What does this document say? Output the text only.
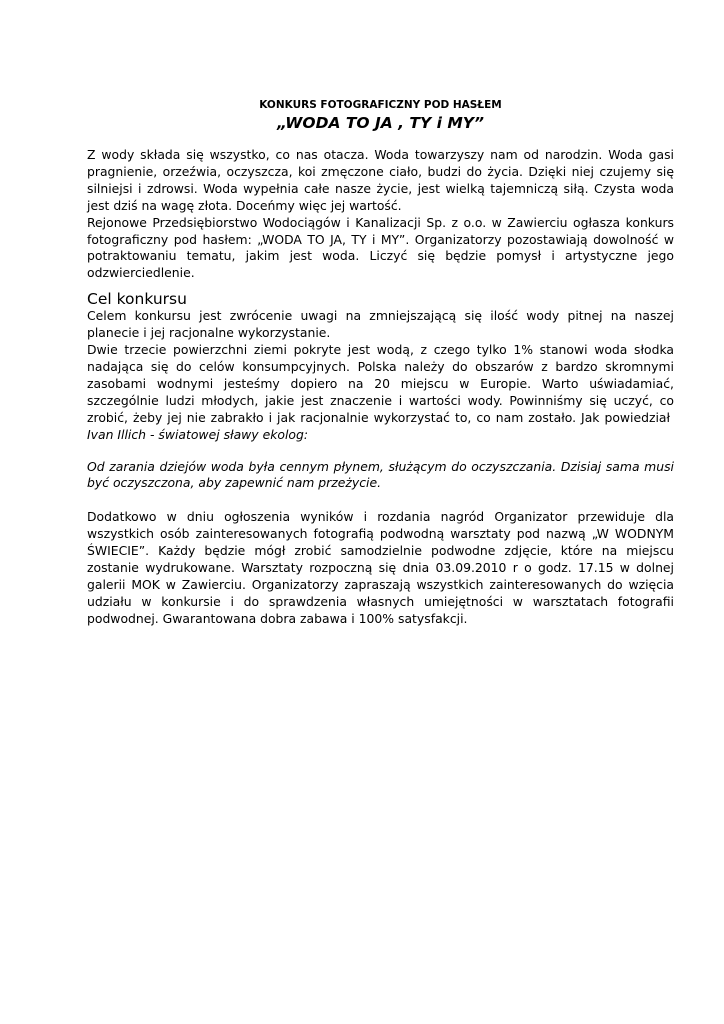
KONKURS FOTOGRAFICZNY POD HASŁEM

„WODA TO JA , TY i MY”

Z wody składa się wszystko, co nas otacza. Woda towarzyszy nam od narodzin. Woda gasi pragnienie, orzeźwia, oczyszcza, koi zmęczone ciało, budzi do życia. Dzięki niej czujemy się silniejsi i zdrowsi. Woda wypełnia całe nasze życie, jest wielką tajemniczą siłą. Czysta woda jest dziś na wagę złota. Doceńmy więc jej wartość.

Rejonowe Przedsiębiorstwo Wodociągów i Kanalizacji Sp. z o.o. w Zawierciu ogłasza konkurs fotograficzny pod hasłem: „WODA TO JA, TY i MY”. Organizatorzy pozostawiają dowolność w potraktowaniu tematu, jakim jest woda. Liczyć się będzie pomysł i artystyczne jego odzwierciedlenie.

Cel konkursu

Celem konkursu jest zwrócenie uwagi na zmniejszającą się ilość wody pitnej na naszej planecie i jej racjonalne wykorzystanie.

Dwie trzecie powierzchni ziemi pokryte jest wodą, z czego tylko 1% stanowi woda słodka nadająca się do celów konsumpcyjnych. Polska należy do obszarów z bardzo skromnymi zasobami wodnymi jesteśmy dopiero na 20 miejscu w Europie. Warto uświadamiać, szczególnie ludzi młodych, jakie jest znaczenie i wartości wody. Powinniśmy się uczyć, co zrobić, żeby jej nie zabrakło i jak racjonalnie wykorzystać to, co nam zostało. Jak powiedział  Ivan Illich - światowej sławy ekolog:

Od zarania dziejów woda była cennym płynem, służącym do oczyszczania. Dzisiaj sama musi być oczyszczona, aby zapewnić nam przeżycie.

Dodatkowo w dniu ogłoszenia wyników i rozdania nagród Organizator przewiduje dla wszystkich osób zainteresowanych fotografią podwodną warsztaty pod nazwą „W WODNYM ŚWIECIE”. Każdy będzie mógł zrobić samodzielnie podwodne zdjęcie, które na miejscu zostanie wydrukowane. Warsztaty rozpoczną się dnia 03.09.2010 r o godz. 17.15 w dolnej galerii MOK w Zawierciu. Organizatorzy zapraszają wszystkich zainteresowanych do wzięcia udziału w konkursie i do sprawdzenia własnych umiejętności w warsztatach fotografii podwodnej. Gwarantowana dobra zabawa i 100% satysfakcji.
